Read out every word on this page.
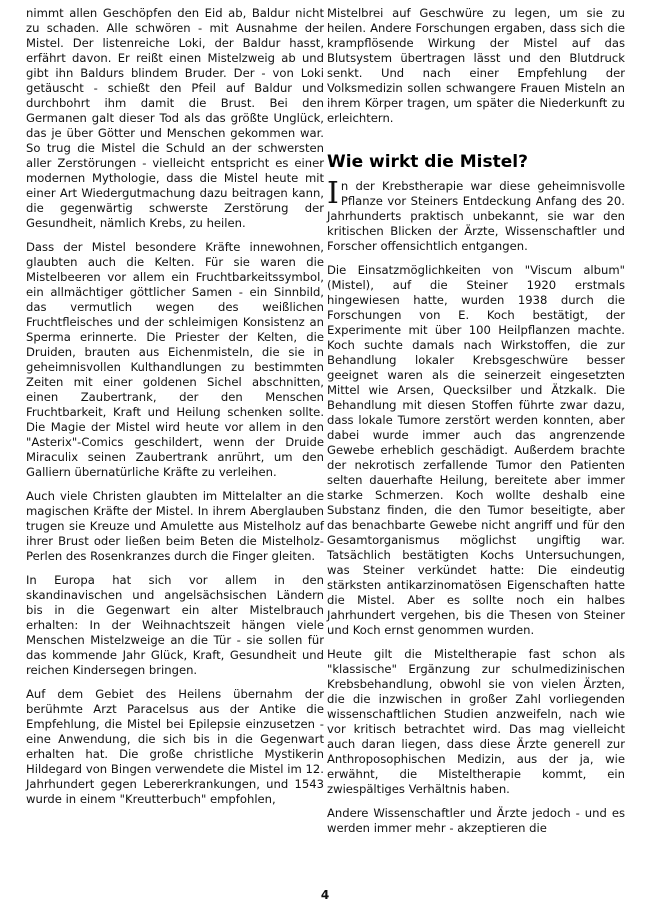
nimmt allen Geschöpfen den Eid ab, Baldur nicht zu schaden. Alle schwören - mit Ausnahme der Mistel. Der listenreiche Loki, der Baldur hasst, erfährt davon. Er reißt einen Mistelzweig ab und gibt ihn Baldurs blindem Bruder. Der - von Loki getäuscht - schießt den Pfeil auf Baldur und durchbohrt ihm damit die Brust. Bei den Germanen galt dieser Tod als das größte Unglück, das je über Götter und Menschen gekommen war. So trug die Mistel die Schuld an der schwersten aller Zerstörungen - vielleicht entspricht es einer modernen Mythologie, dass die Mistel heute mit einer Art Wiedergutmachung dazu beitragen kann, die gegenwärtig schwerste Zerstörung der Gesundheit, nämlich Krebs, zu heilen.

Dass der Mistel besondere Kräfte innewohnen, glaubten auch die Kelten. Für sie waren die Mistelbeeren vor allem ein Fruchtbarkeitssymbol, ein allmächtiger göttlicher Samen - ein Sinnbild, das vermutlich wegen des weißlichen Fruchtfleisches und der schleimigen Konsistenz an Sperma erinnerte. Die Priester der Kelten, die Druiden, brauten aus Eichenmisteln, die sie in geheimnisvollen Kulthandlungen zu bestimmten Zeiten mit einer goldenen Sichel abschnitten, einen Zaubertrank, der den Menschen Fruchtbarkeit, Kraft und Heilung schenken sollte. Die Magie der Mistel wird heute vor allem in den "Asterix"-Comics geschildert, wenn der Druide Miraculix seinen Zaubertrank anrührt, um den Galliern übernatürliche Kräfte zu verleihen.

Auch viele Christen glaubten im Mittelalter an die magischen Kräfte der Mistel. In ihrem Aberglauben trugen sie Kreuze und Amulette aus Mistelholz auf ihrer Brust oder ließen beim Beten die Mistelholz-Perlen des Rosenkranzes durch die Finger gleiten.

In Europa hat sich vor allem in den skandinavischen und angelsächsischen Ländern bis in die Gegenwart ein alter Mistelbrauch erhalten: In der Weihnachtszeit hängen viele Menschen Mistelzweige an die Tür - sie sollen für das kommende Jahr Glück, Kraft, Gesundheit und reichen Kindersegen bringen.

Auf dem Gebiet des Heilens übernahm der berühmte Arzt Paracelsus aus der Antike die Empfehlung, die Mistel bei Epilepsie einzusetzen - eine Anwendung, die sich bis in die Gegenwart erhalten hat. Die große christliche Mystikerin Hildegard von Bingen verwendete die Mistel im 12. Jahrhundert gegen Lebererkrankungen, und 1543 wurde in einem "Kreutterbuch" empfohlen,

Mistelbrei auf Geschwüre zu legen, um sie zu heilen. Andere Forschungen ergaben, dass sich die krampflösende Wirkung der Mistel auf das Blutsystem übertragen lässt und den Blutdruck senkt. Und nach einer Empfehlung der Volksmedizin sollen schwangere Frauen Misteln an ihrem Körper tragen, um später die Niederkunft zu erleichtern.

Wie wirkt die Mistel?

In der Krebstherapie war diese geheimnisvolle Pflanze vor Steiners Entdeckung Anfang des 20. Jahrhunderts praktisch unbekannt, sie war den kritischen Blicken der Ärzte, Wissenschaftler und Forscher offensichtlich entgangen.

Die Einsatzmöglichkeiten von "Viscum album" (Mistel), auf die Steiner 1920 erstmals hingewiesen hatte, wurden 1938 durch die Forschungen von E. Koch bestätigt, der Experimente mit über 100 Heilpflanzen machte. Koch suchte damals nach Wirkstoffen, die zur Behandlung lokaler Krebsgeschwüre besser geeignet waren als die seinerzeit eingesetzten Mittel wie Arsen, Quecksilber und Ätzkalk. Die Behandlung mit diesen Stoffen führte zwar dazu, dass lokale Tumore zerstört werden konnten, aber dabei wurde immer auch das angrenzende Gewebe erheblich geschädigt. Außerdem brachte der nekrotisch zerfallende Tumor den Patienten selten dauerhafte Heilung, bereitete aber immer starke Schmerzen. Koch wollte deshalb eine Substanz finden, die den Tumor beseitigte, aber das benachbarte Gewebe nicht angriff und für den Gesamtorganismus möglichst ungiftig war. Tatsächlich bestätigten Kochs Untersuchungen, was Steiner verkündet hatte: Die eindeutig stärksten antikarzinomatösen Eigenschaften hatte die Mistel. Aber es sollte noch ein halbes Jahrhundert vergehen, bis die Thesen von Steiner und Koch ernst genommen wurden.

Heute gilt die Misteltherapie fast schon als "klassische" Ergänzung zur schulmedizinischen Krebsbehandlung, obwohl sie von vielen Ärzten, die die inzwischen in großer Zahl vorliegenden wissenschaftlichen Studien anzweifeln, nach wie vor kritisch betrachtet wird. Das mag vielleicht auch daran liegen, dass diese Ärzte generell zur Anthroposophischen Medizin, aus der ja, wie erwähnt, die Misteltherapie kommt, ein zwiespältiges Verhältnis haben.

Andere Wissenschaftler und Ärzte jedoch - und es werden immer mehr - akzeptieren die

4
